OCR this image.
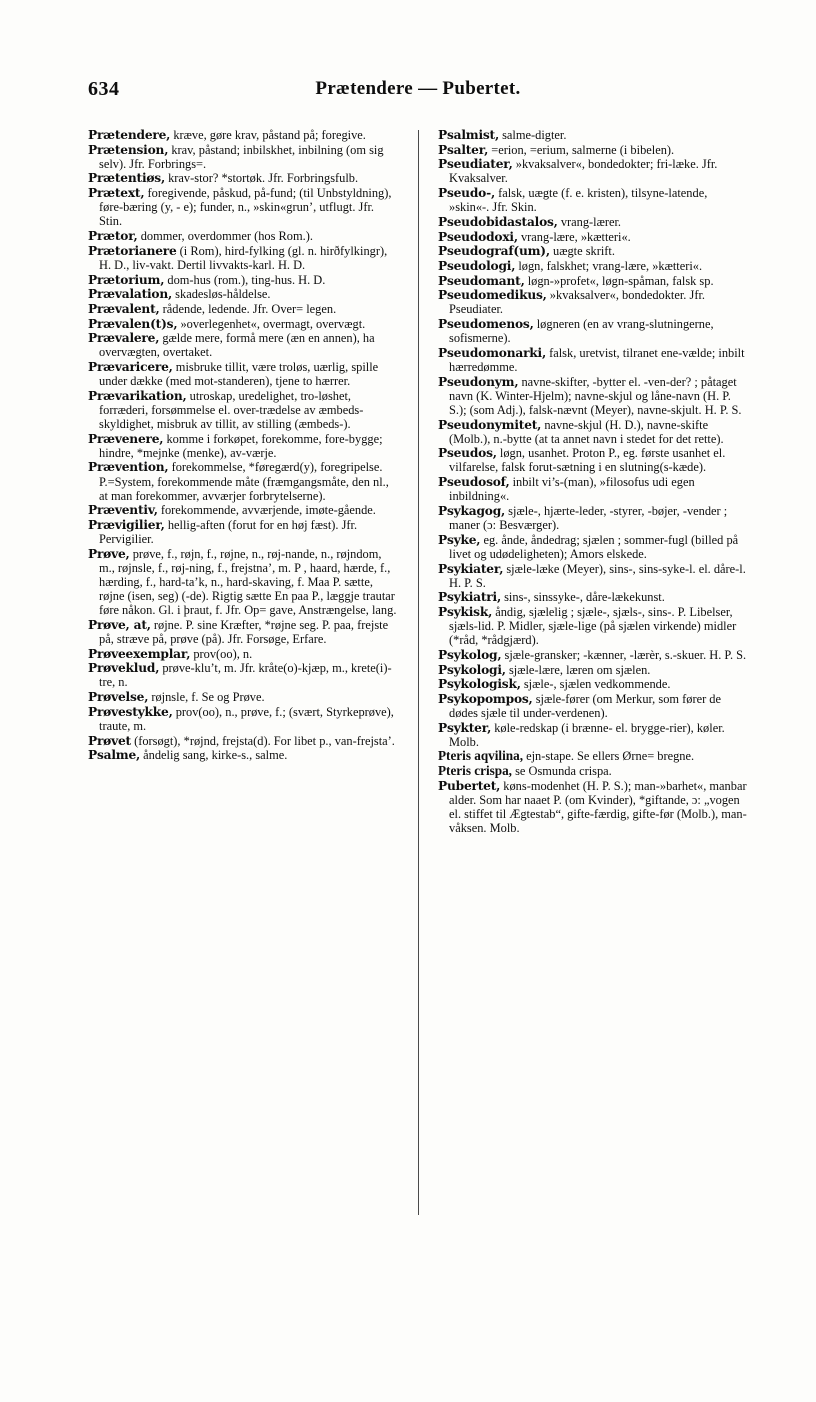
634	Prætendere — Pubertet.

Prætendere, kræve, gøre krav, påstand på; foregive.

Prætension, krav, påstand; inbilskhet, inbilning (om sig selv). Jfr. Forbrings=.

Prætentiøs, krav-stor? *stortøk. Jfr. Forbringsfulb.

Prætext, foregivende, påskud, på-fund; (til Unbstyldning), føre-bæring (y, - e); funder, n., »skin«grun’, utflugt. Jfr. Stin.

Prætor, dommer, overdommer (hos Rom.).

Prætorianere (i Rom), hird-fylking (gl. n. hirðfylkingr), H. D., liv-vakt. Dertil livvakts-karl. H. D.

Prætorium, dom-hus (rom.), ting-hus. H. D.

Prævalation, skadesløs-håldelse.

Prævalent, rådende, ledende. Jfr. Over= legen.

Prævalen(t)s, »overlegenhet«, overmagt, overvægt.

Prævalere, gælde mere, formå mere (æn en annen), ha overvægten, overtaket.

Prævaricere, misbruke tillit, være troløs, uærlig, spille under dække (med mot-standeren), tjene to hærrer.

Prævarikation, utroskap, uredelighet, tro-løshet, forræderi, forsømmelse el. over-trædelse av æmbeds-skyldighet, misbruk av tillit, av stilling (æmbeds-).

Prævenere, komme i forkøpet, forekomme, fore-bygge; hindre, *mejnke (menke), av-værje.

Prævention, forekommelse, *føregærd(y), foregripelse. P.=System, forekommende måte (fræmgangsmåte, den nl., at man forekommer, avværjer forbrytelserne).

Præventiv, forekommende, avværjende, imøte-gående.

Prævigilier, hellig-aften (forut for en høj fæst). Jfr. Pervigilier.

Prøve, prøve, f., røjn, f., røjne, n., røj-nande, n., røjndom, m., røjnsle, f., røj-ning, f., frejstna’, m. P , haard, hærde, f., hærding, f., hard-ta’k, n., hard-skaving, f. Maa P. sætte, røjne (isen, seg) (-de). Rigtig sætte En paa P., læggje trautar føre nåkon. Gl. i þraut, f. Jfr. Op= gave, Anstrængelse, lang.

Prøve, at, røjne. P. sine Kræfter, *røjne seg. P. paa, frejste på, stræve på, prøve (på). Jfr. Forsøge, Erfare.

Prøveexemplar, prov(oo), n.

Prøveklud, prøve-klu’t, m. Jfr. kråte(o)-kjæp, m., krete(i)-tre, n.

Prøvelse, røjnsle, f. Se og Prøve.

Prøvestykke, prov(oo), n., prøve, f.; (svært, Styrkeprøve), traute, m.

Prøvet (forsøgt), *røjnd, frejsta(d). For libet p., van-frejsta’.

Psalme, åndelig sang, kirke-s., salme.

Psalmist, salme-digter.

Psalter, =erion, =erium, salmerne (i bibelen).

Pseudiater, »kvaksalver«, bondedokter; fri-læke. Jfr. Kvaksalver.

Pseudo-, falsk, uægte (f. e. kristen), tilsyne-latende, »skin«-. Jfr. Skin.

Pseudobidastalos, vrang-lærer.

Pseudodoxi, vrang-lære, »kætteri«.

Pseudograf(um), uægte skrift.

Pseudologi, løgn, falskhet; vrang-lære, »kætteri«.

Pseudomant, løgn-»profet«, løgn-spåman, falsk sp.

Pseudomedikus, »kvaksalver«, bondedokter. Jfr. Pseudiater.

Pseudomenos, løgneren (en av vrang-slutningerne, sofismerne).

Pseudomonarki, falsk, uretvist, tilranet ene-vælde; inbilt hærredømme.

Pseudonym, navne-skifter, -bytter el. -ven-der? ; påtaget navn (K. Winter-Hjelm); navne-skjul og låne-navn (H. P. S.); (som Adj.), falsk-nævnt (Meyer), navne-skjult. H. P. S.

Pseudonymitet, navne-skjul (H. D.), navne-skifte (Molb.), n.-bytte (at ta annet navn i stedet for det rette).

Pseudos, løgn, usanhet. Proton P., eg. første usanhet el. vilfarelse, falsk forut-sætning i en slutning(s-kæde).

Pseudosof, inbilt vi’s-(man), »filosofus udi egen inbildning«.

Psykagog, sjæle-, hjærte-leder, -styrer, -bøjer, -vender ; maner (ɔ: Besværger).

Psyke, eg. ånde, åndedrag; sjælen ; sommer-fugl (billed på livet og udødeligheten); Amors elskede.

Psykiater, sjæle-læke (Meyer), sins-, sins-syke-l. el. dåre-l. H. P. S.

Psykiatri, sins-, sinssyke-, dåre-lækekunst.

Psykisk, åndig, sjælelig ; sjæle-, sjæls-, sins-. P. Libelser, sjæls-lid. P. Midler, sjæle-lige (på sjælen virkende) midler (*råd, *rådgjærd).

Psykolog, sjæle-gransker; -kænner, -lærèr, s.-skuer. H. P. S.

Psykologi, sjæle-lære, læren om sjælen.

Psykologisk, sjæle-, sjælen vedkommende.

Psykopompos, sjæle-fører (om Merkur, som fører de dødes sjæle til under-verdenen).

Psykter, køle-redskap (i brænne- el. brygge-rier), køler. Molb.

Pteris aqvilina, ejn-stape. Se ellers Ørne= bregne.

Pteris crispa, se Osmunda crispa.

Pubertet, køns-modenhet (H. P. S.); man-»barhet«, manbar alder. Som har naaet P. (om Kvinder), *giftande, ɔ: „vogen el. stiffet til Ægtestab“, gifte-færdig, gifte-før (Molb.), man-våksen. Molb.
